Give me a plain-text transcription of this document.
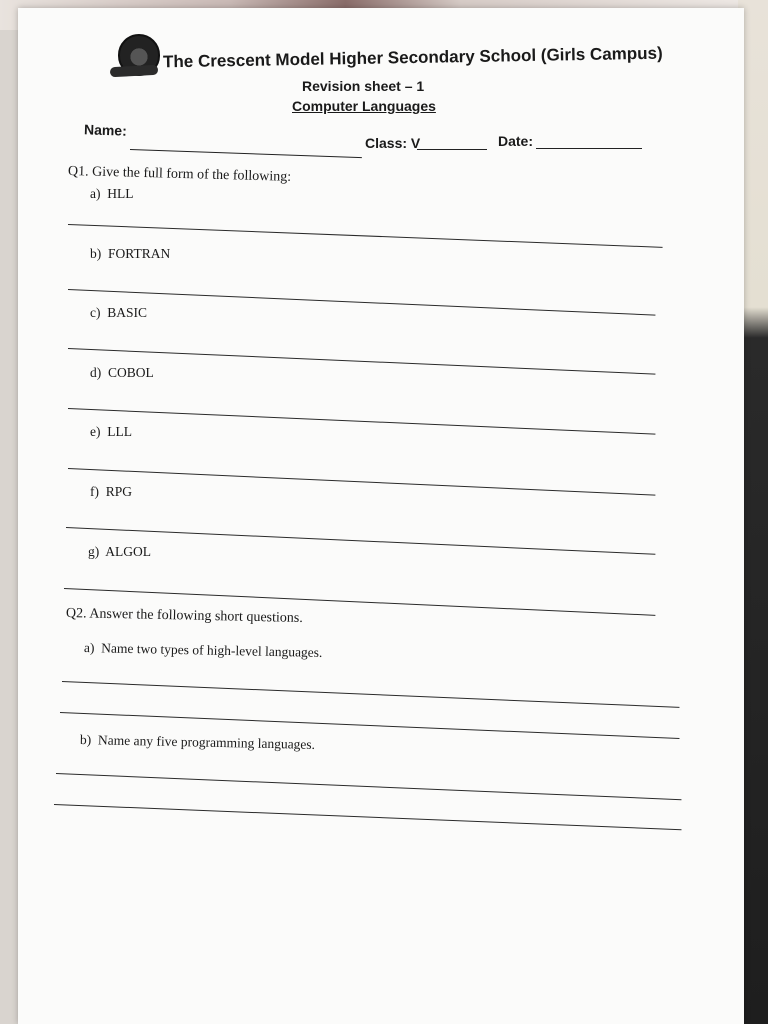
The Crescent Model Higher Secondary School (Girls Campus)
Revision sheet – 1
Computer Languages
Name:
Class: V	Date:
Q1. Give the full form of the following:
a) HLL
b) FORTRAN
c) BASIC
d) COBOL
e) LLL
f) RPG
g) ALGOL
Q2. Answer the following short questions.
a) Name two types of high-level languages.
b) Name any five programming languages.
